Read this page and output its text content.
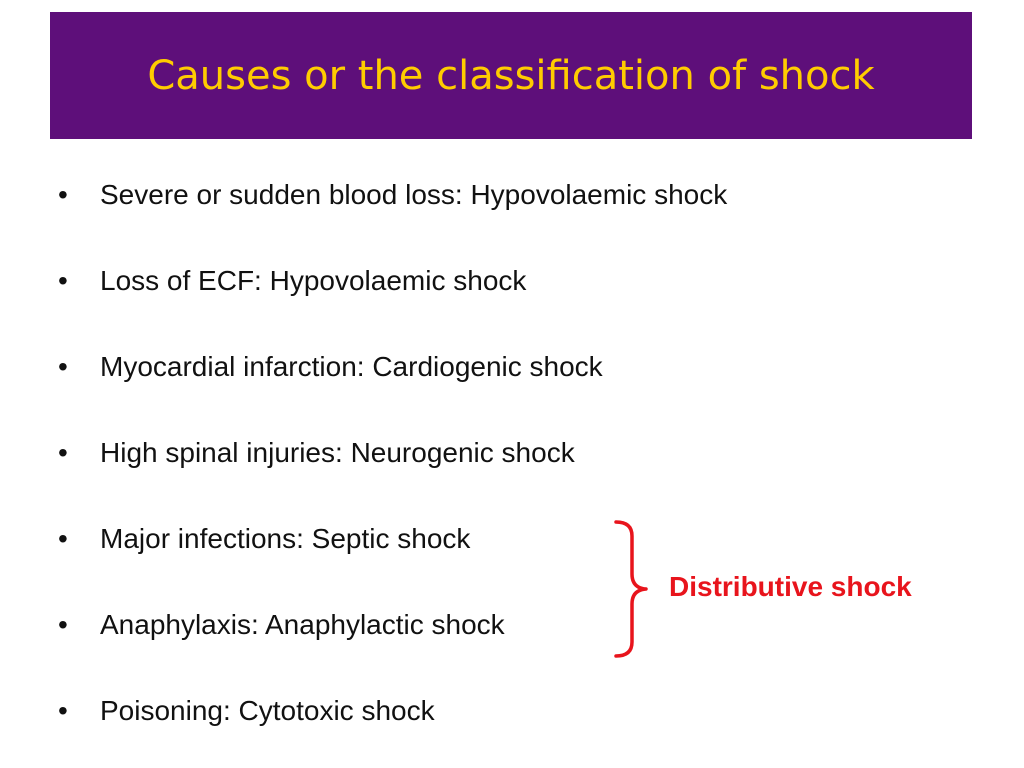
Causes or the classification of shock
•	Severe or sudden blood loss: Hypovolaemic shock
•	Loss of ECF: Hypovolaemic shock
•	Myocardial infarction: Cardiogenic shock
•	High spinal injuries: Neurogenic shock
•	Major infections: Septic shock
•	Anaphylaxis: Anaphylactic shock
•	Poisoning: Cytotoxic shock
Distributive shock
